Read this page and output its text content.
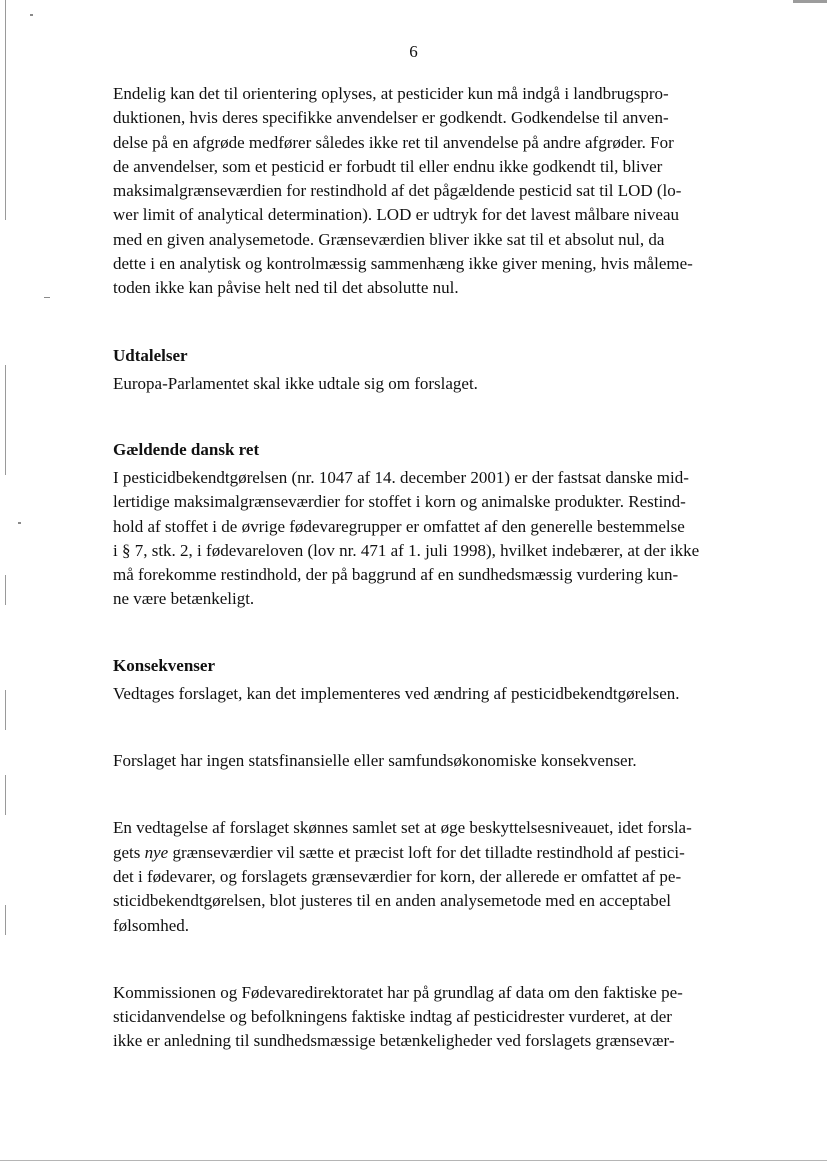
6
Endelig kan det til orientering oplyses, at pesticider kun må indgå i landbrugspro-
duktionen, hvis deres specifikke anvendelser er godkendt. Godkendelse til anven-
delse på en afgrøde medfører således ikke ret til anvendelse på andre afgrøder. For
de anvendelser, som et pesticid er forbudt til eller endnu ikke godkendt til, bliver
maksimalgrænseværdien for restindhold af det pågældende pesticid sat til LOD (lo-
wer limit of analytical determination). LOD er udtryk for det lavest målbare niveau
med en given analysemetode. Grænseværdien bliver ikke sat til et absolut nul, da
dette i en analytisk og kontrolmæssig sammenhæng ikke giver mening, hvis måleme-
toden ikke kan påvise helt ned til det absolutte nul.
Udtalelser
Europa-Parlamentet skal ikke udtale sig om forslaget.
Gældende dansk ret
I pesticidbekendtgørelsen (nr. 1047 af 14. december 2001) er der fastsat danske mid-
lertidige maksimalgrænseværdier for stoffet i korn og animalske produkter. Restind-
hold af stoffet i de øvrige fødevaregrupper er omfattet af den generelle bestemmelse
i § 7, stk. 2, i fødevareloven (lov nr. 471 af 1. juli 1998), hvilket indebærer, at der ikke
må forekomme restindhold, der på baggrund af en sundhedsmæssig vurdering kun-
ne være betænkeligt.
Konsekvenser
Vedtages forslaget, kan det implementeres ved ændring af pesticidbekendtgørelsen.
Forslaget har ingen statsfinansielle eller samfundsøkonomiske konsekvenser.
En vedtagelse af forslaget skønnes samlet set at øge beskyttelsesniveauet, idet forsla-
gets nye grænseværdier vil sætte et præcist loft for det tilladte restindhold af pestici-
det i fødevarer, og forslagets grænseværdier for korn, der allerede er omfattet af pe-
sticidbekendtgørelsen, blot justeres til en anden analysemetode med en acceptabel
følsomhed.
Kommissionen og Fødevaredirektoratet har på grundlag af data om den faktiske pe-
sticidanvendelse og befolkningens faktiske indtag af pesticidrester vurderet, at der
ikke er anledning til sundhedsmæssige betænkeligheder ved forslagets grænsevær-
